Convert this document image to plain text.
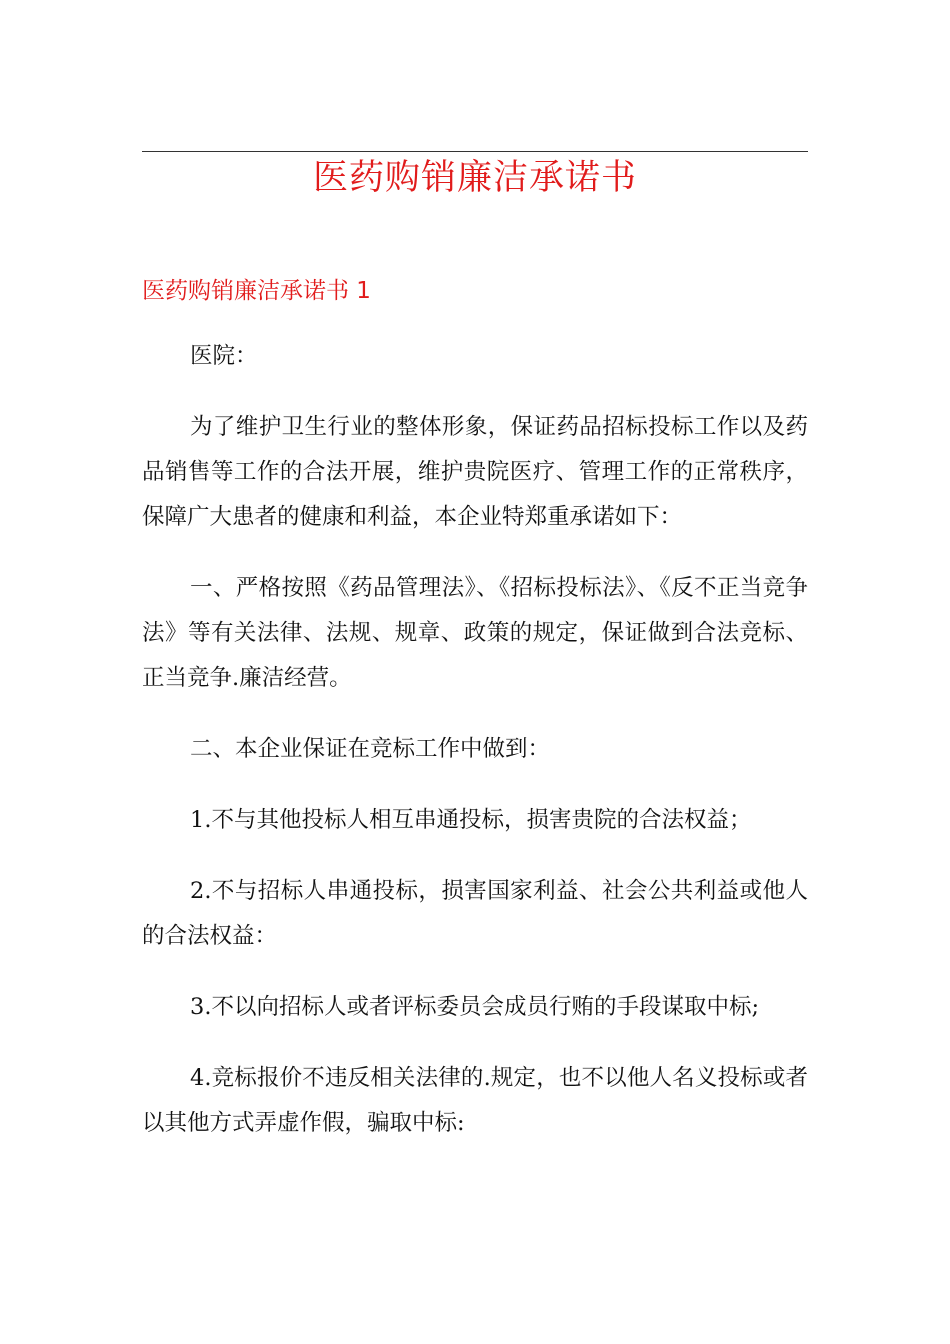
医药购销廉洁承诺书
医药购销廉洁承诺书 1

医院：

为了维护卫生行业的整体形象，保证药品招标投标工作以及药品销售等工作的合法开展，维护贵院医疗、管理工作的正常秩序，保障广大患者的健康和利益，本企业特郑重承诺如下：

一、严格按照《药品管理法》、《招标投标法》、《反不正当竞争法》等有关法律、法规、规章、政策的规定，保证做到合法竞标、正当竞争.廉洁经营。

二、本企业保证在竞标工作中做到：

1.不与其他投标人相互串通投标，损害贵院的合法权益；

2.不与招标人串通投标，损害国家利益、社会公共利益或他人的合法权益：

3.不以向招标人或者评标委员会成员行贿的手段谋取中标;

4.竞标报价不违反相关法律的.规定，也不以他人名义投标或者以其他方式弄虚作假，骗取中标:
